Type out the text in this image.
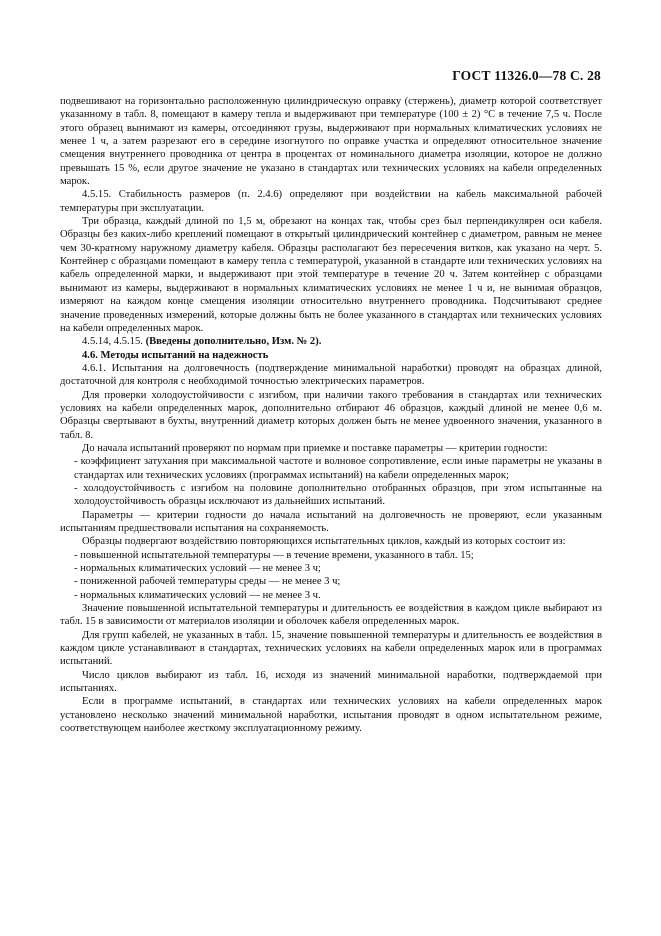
ГОСТ 11326.0—78 С. 28

подвешивают на горизонтально расположенную цилиндрическую оправку (стержень), диаметр которой соответствует указанному в табл. 8, помещают в камеру тепла и выдерживают при температуре (100 ± 2) °С в течение 7,5 ч. После этого образец вынимают из камеры, отсоединяют грузы, выдерживают при нормальных климатических условиях не менее 1 ч, а затем разрезают его в середине изогнутого по оправке участка и определяют относительное значение смещения внутреннего проводника от центра в процентах от номинального диаметра изоляции, которое не должно превышать 15 %, если другое значение не указано в стандартах или технических условиях на кабели определенных марок.

4.5.15. Стабильность размеров (п. 2.4.6) определяют при воздействии на кабель максимальной рабочей температуры при эксплуатации.

Три образца, каждый длиной по 1,5 м, обрезают на концах так, чтобы срез был перпендикулярен оси кабеля. Образцы без каких-либо креплений помещают в открытый цилиндрический контейнер с диаметром, равным не менее чем 30-кратному наружному диаметру кабеля. Образцы располагают без пересечения витков, как указано на черт. 5. Контейнер с образцами помещают в камеру тепла с температурой, указанной в стандарте или технических условиях на кабель определенной марки, и выдерживают при этой температуре в течение 20 ч. Затем контейнер с образцами вынимают из камеры, выдерживают в нормальных климатических условиях не менее 1 ч и, не вынимая образцов, измеряют на каждом конце смещения изоляции относительно внутреннего проводника. Подсчитывают среднее значение проведенных измерений, которые должны быть не более указанного в стандартах или технических условиях на кабели определенных марок.

4.5.14, 4.5.15. (Введены дополнительно, Изм. № 2).

4.6. Методы испытаний на надежность

4.6.1. Испытания на долговечность (подтверждение минимальной наработки) проводят на образцах длиной, достаточной для контроля с необходимой точностью электрических параметров.

Для проверки холодоустойчивости с изгибом, при наличии такого требования в стандартах или технических условиях на кабели определенных марок, дополнительно отбирают 46 образцов, каждый длиной не менее 0,6 м. Образцы свертывают в бухты, внутренний диаметр которых должен быть не менее удвоенного значения, указанного в табл. 8.

До начала испытаний проверяют по нормам при приемке и поставке параметры — критерии годности:

- коэффициент затухания при максимальной частоте и волновое сопротивление, если иные параметры не указаны в стандартах или технических условиях (программах испытаний) на кабели определенных марок;

- холодоустойчивость с изгибом на половине дополнительно отобранных образцов, при этом испытанные на холодоустойчивость образцы исключают из дальнейших испытаний.

Параметры — критерии годности до начала испытаний на долговечность не проверяют, если указанным испытаниям предшествовали испытания на сохраняемость.

Образцы подвергают воздействию повторяющихся испытательных циклов, каждый из которых состоит из:

- повышенной испытательной температуры — в течение времени, указанного в табл. 15;

- нормальных климатических условий — не менее 3 ч;

- пониженной рабочей температуры среды — не менее 3 ч;

- нормальных климатических условий — не менее 3 ч.

Значение повышенной испытательной температуры и длительность ее воздействия в каждом цикле выбирают из табл. 15 в зависимости от материалов изоляции и оболочек кабеля определенных марок.

Для групп кабелей, не указанных в табл. 15, значение повышенной температуры и длительность ее воздействия в каждом цикле устанавливают в стандартах, технических условиях на кабели определенных марок или в программах испытаний.

Число циклов выбирают из табл. 16, исходя из значений минимальной наработки, подтверждаемой при испытаниях.

Если в программе испытаний, в стандартах или технических условиях на кабели определенных марок установлено несколько значений минимальной наработки, испытания проводят в одном испытательном режиме, соответствующем наиболее жесткому эксплуатационному режиму.
